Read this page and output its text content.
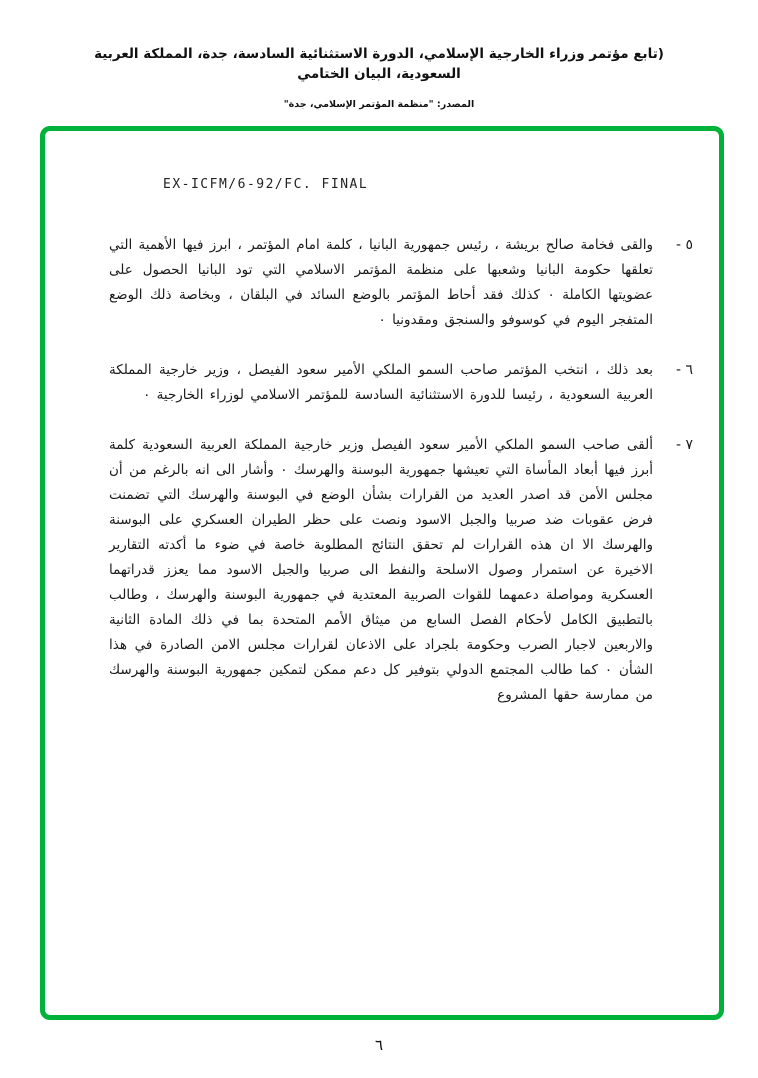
(تابع مؤتمر وزراء الخارجية الإسلامي، الدورة الاستثنائية السادسة، جدة، المملكة العربية السعودية، البيان الختامي
المصدر: "منظمة المؤتمر الإسلامي، جدة"
EX-ICFM/6-92/FC. FINAL
٥ -
والقى فخامة صالح بريشة ، رئيس جمهورية البانيا ، كلمة امام المؤتمر ، ابرز فيها الأهمية التي تعلقها حكومة البانيا وشعبها على منظمة المؤتمر الاسلامي التي تود البانيا الحصول على عضويتها الكاملة ٠ كذلك فقد أحاط المؤتمر بالوضع السائد في البلقان ، وبخاصة ذلك الوضع المتفجر اليوم في كوسوفو والسنجق ومقدونيا ٠
٦ -
بعد ذلك ، انتخب المؤتمر صاحب السمو الملكي الأمير سعود الفيصل ، وزير خارجية المملكة العربية السعودية ، رئيسا للدورة الاستثنائية السادسة للمؤتمر الاسلامي لوزراء الخارجية ٠
٧ -
ألقى صاحب السمو الملكي الأمير سعود الفيصل وزير خارجية المملكة العربية السعودية كلمة أبرز فيها أبعاد المأساة التي تعيشها جمهورية البوسنة والهرسك ٠ وأشار الى انه بالرغم من أن مجلس الأمن قد اصدر العديد من القرارات بشأن الوضع في البوسنة والهرسك التي تضمنت فرض عقوبات ضد صربيا والجبل الاسود ونصت على حظر الطيران العسكري على البوسنة والهرسك الا ان هذه القرارات لم تحقق النتائج المطلوبة خاصة في ضوء ما أكدته التقارير الاخيرة عن استمرار وصول الاسلحة والنفط الى صربيا والجبل الاسود مما يعزز قدراتهما العسكرية ومواصلة دعمهما للقوات الصربية المعتدية في جمهورية البوسنة والهرسك ، وطالب بالتطبيق الكامل لأحكام الفصل السابع من ميثاق الأمم المتحدة بما في ذلك المادة الثانية والاربعين لاجبار الصرب وحكومة بلجراد على الاذعان لقرارات مجلس الامن الصادرة في هذا الشأن ٠ كما طالب المجتمع الدولي بتوفير كل دعم ممكن لتمكين جمهورية البوسنة والهرسك من ممارسة حقها المشروع
٦
